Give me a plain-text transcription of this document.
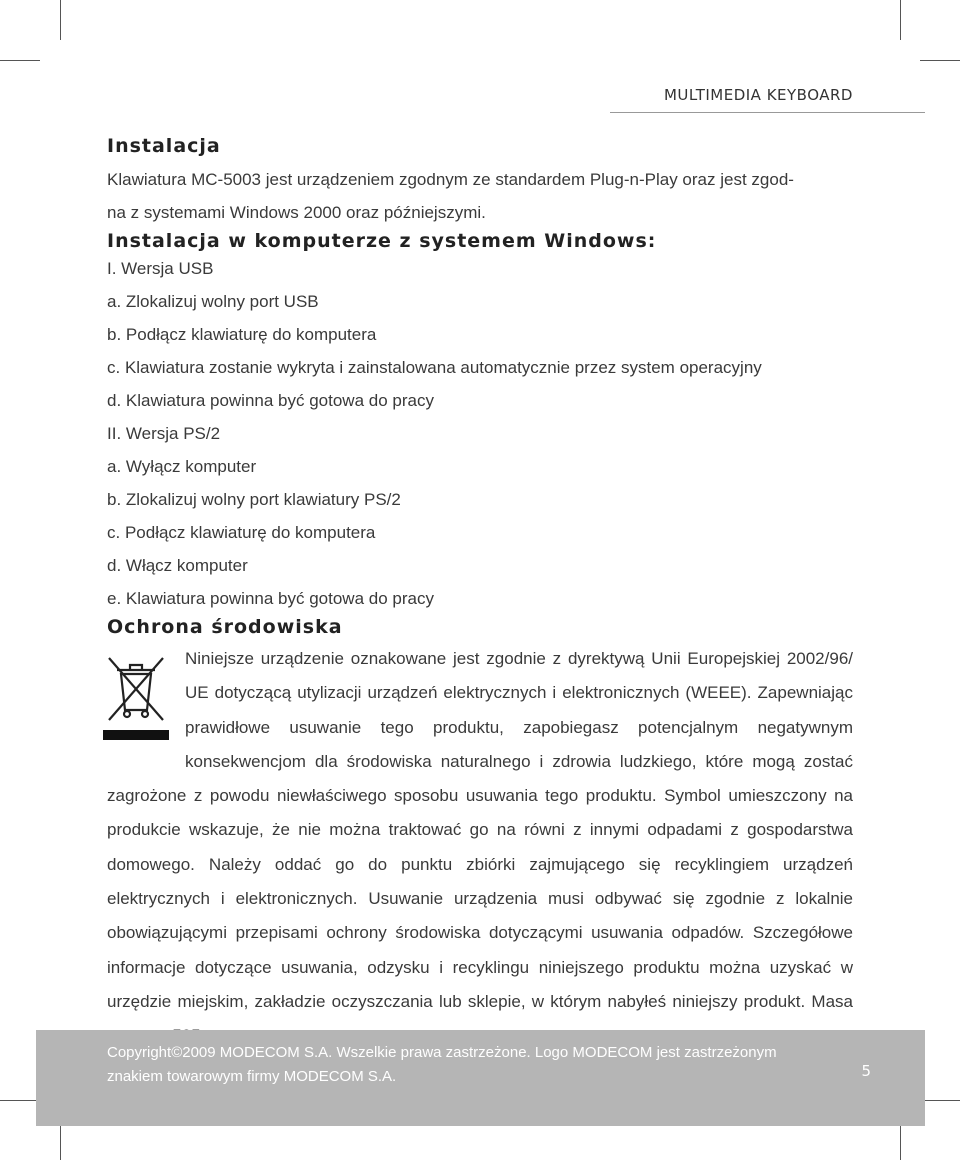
MULTIMEDIA KEYBOARD
Instalacja
Klawiatura MC-5003 jest urządzeniem zgodnym ze standardem Plug-n-Play oraz jest zgod-
na z systemami Windows 2000 oraz późniejszymi.
Instalacja w komputerze z systemem Windows:
I. Wersja USB
a. Zlokalizuj wolny port USB
b. Podłącz klawiaturę do komputera
c. Klawiatura zostanie wykryta i zainstalowana automatycznie przez system operacyjny
d. Klawiatura powinna być gotowa do pracy
II. Wersja PS/2
a. Wyłącz komputer
b. Zlokalizuj wolny port klawiatury PS/2
c. Podłącz klawiaturę do komputera
d. Włącz komputer
e. Klawiatura powinna być gotowa do pracy
Ochrona środowiska

Niniejsze urządzenie oznakowane jest zgodnie z dyrektywą Unii Europejskiej 2002/96/ UE dotyczącą utylizacji urządzeń elektrycznych i elektronicznych (WEEE). Zapewniając prawidłowe usuwanie tego produktu, zapobiegasz potencjalnym negatywnym konsekwencjom dla środowiska naturalnego i zdrowia ludzkiego, które mogą zostać zagrożone z powodu niewłaściwego sposobu usuwania tego produktu. Symbol umieszczony na produkcie wskazuje, że nie można traktować go na równi z innymi odpadami z gospodarstwa domowego. Należy oddać go do punktu zbiórki zajmującego się recyklingiem urządzeń elektrycznych i elektronicznych. Usuwanie urządzenia musi odbywać się zgodnie z lokalnie obowiązującymi przepisami ochrony środowiska dotyczącymi usuwania odpadów. Szczegółowe informacje dotyczące usuwania, odzysku i recyklingu niniejszego produktu można uzyskać w urzędzie miejskim, zakładzie oczyszczania lub sklepie, w którym nabyłeś niniejszy produkt. Masa

Copyright©2009 MODECOM S.A. Wszelkie prawa zastrzeżone. Logo MODECOM jest zastrzeżonym
znakiem towarowym firmy MODECOM S.A.	5
